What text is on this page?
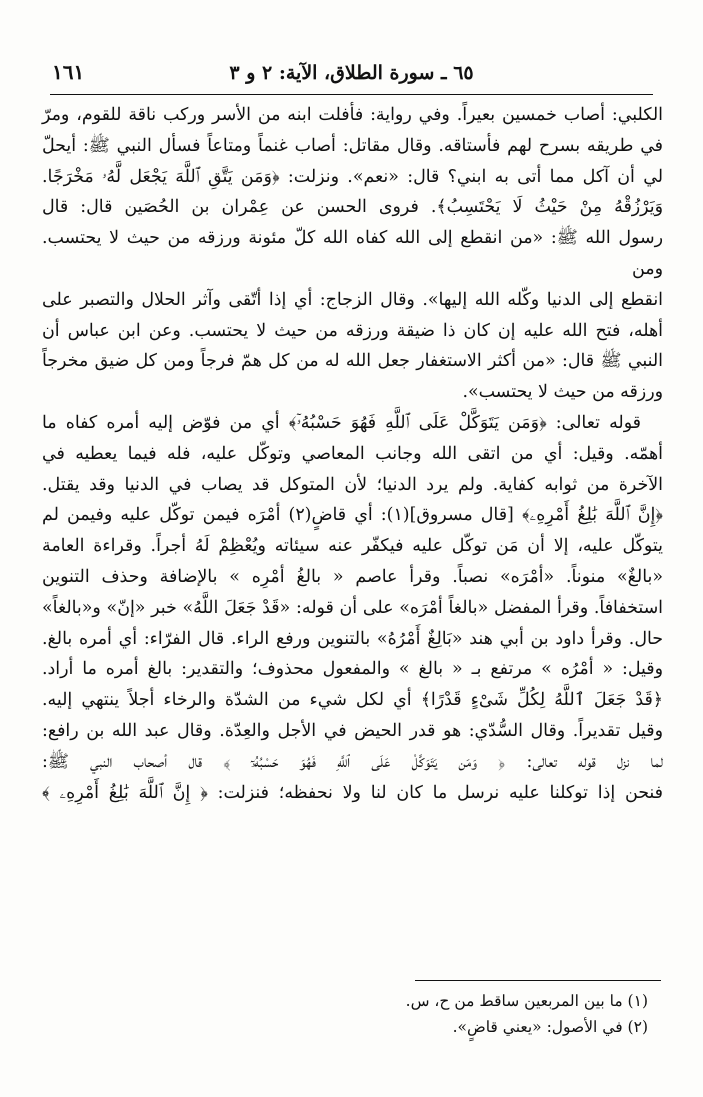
٦٥ ـ سورة الطلاق، الآية: ٢ و ٣
١٦١

الكلبي: أصاب خمسين بعيراً. وفي رواية: فأفلت ابنه من الأسر وركب ناقة للقوم، ومرّ

في طريقه بسرح لهم فأستاقه. وقال مقاتل: أصاب غنماً ومتاعاً فسأل النبي ﷺ: أيحلّ

لي أن آكل مما أتى به ابني؟ قال: «نعم». ونزلت: ﴿وَمَن يَتَّقِ ٱللَّهَ يَجْعَل لَّهُۥ مَخْرَجًا.

وَيَرْزُقْهُ مِنْ حَيْثُ لَا يَحْتَسِبُ﴾. فروى الحسن عن عِمْران بن الحُصَين قال: قال

رسول الله ﷺ: «من انقطع إلى الله كفاه الله كلّ مئونة ورزقه من حيث لا يحتسب. ومن

انقطع إلى الدنيا وكّله الله إليها». وقال الزجاج: أي إذا أتّقى وآثر الحلال والتصبر على

أهله، فتح الله عليه إن كان ذا ضيقة ورزقه من حيث لا يحتسب. وعن ابن عباس أن

النبي ﷺ قال: «من أكثر الاستغفار جعل الله له من كل همّ فرجاً ومن كل ضيق مخرجاً

ورزقه من حيث لا يحتسب».

قوله تعالى: ﴿وَمَن يَتَوَكَّلْ عَلَى ٱللَّهِ فَهُوَ حَسْبُهُۥٓ﴾ أي من فوّض إليه أمره كفاه ما

أهمّه. وقيل: أي من اتقى الله وجانب المعاصي وتوكّل عليه، فله فيما يعطيه في

الآخرة من ثوابه كفاية. ولم يرد الدنيا؛ لأن المتوكل قد يصاب في الدنيا وقد يقتل.

﴿إِنَّ ٱللَّهَ بَٰلِغُ أَمْرِهِۦ﴾ [قال مسروق](١): أي قاضٍ(٢) أمْرَه فيمن توكّل عليه وفيمن لم

يتوكّل عليه، إلا أن مَن توكّل عليه فيكفّر عنه سيئاته ويُعْظِمْ لَهُ أجراً. وقراءة العامة

«بالغٌ» منوناً. «أمْرَه» نصباً. وقرأ عاصم « بالغُ أمْرِه » بالإضافة وحذف التنوين

استخفافاً. وقرأ المفضل «بالغاً أمْرَه» على أن قوله: «قَدْ جَعَلَ اللَّهُ» خبر «إنّ» و«بالغاً»

حال. وقرأ داود بن أبي هند «بَالِغٌ أَمْرُهُ» بالتنوين ورفع الراء. قال الفرّاء: أي أمره بالغ.

وقيل: « أمْرُه » مرتفع بـ « بالغ » والمفعول محذوف؛ والتقدير: بالغ أمره ما أراد.

﴿قَدْ جَعَلَ ٱللَّهُ لِكُلِّ شَىْءٍ قَدْرًا﴾ أي لكل شيء من الشدّة والرخاء أجلاً ينتهي إليه.

وقيل تقديراً. وقال السُّدّي: هو قدر الحيض في الأجل والعِدّة. وقال عبد الله بن رافع:

لما نزل قوله تعالى: ﴿ وَمَن يَتَوَكَّلْ عَلَى ٱللَّهِ فَهُوَ حَسْبُهُۥٓ ﴾ قال أصحاب النبي ﷺ:

فنحن إذا توكلنا عليه نرسل ما كان لنا ولا نحفظه؛ فنزلت: ﴿ إِنَّ ٱللَّهَ بَٰلِغُ أَمْرِهِۦ ﴾

(١) ما بين المربعين ساقط من ح، س.
(٢) في الأصول: «يعني قاضٍ».
